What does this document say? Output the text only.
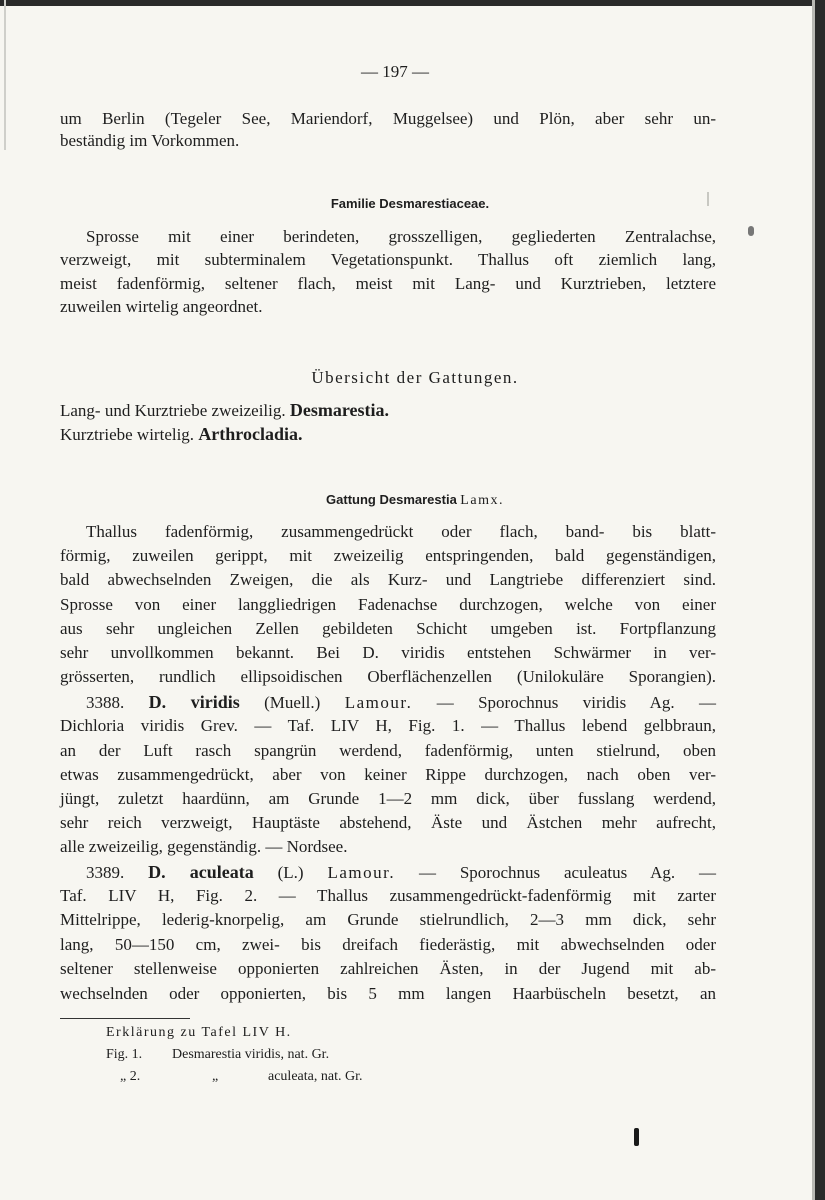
— 197 —
um Berlin (Tegeler See, Mariendorf, Muggelsee) und Plön, aber sehr un-
beständig im Vorkommen.
Familie Desmarestiaceae.
Sprosse mit einer berindeten, grosszelligen, gegliederten Zentralachse,
verzweigt, mit subterminalem Vegetationspunkt. Thallus oft ziemlich lang,
meist fadenförmig, seltener flach, meist mit Lang- und Kurztrieben, letztere
zuweilen wirtelig angeordnet.
Übersicht der Gattungen.
Lang- und Kurztriebe zweizeilig. Desmarestia.
Kurztriebe wirtelig. Arthrocladia.
Gattung Desmarestia Lamx.
Thallus fadenförmig, zusammengedrückt oder flach, band- bis blatt-
förmig, zuweilen gerippt, mit zweizeilig entspringenden, bald gegenständigen,
bald abwechselnden Zweigen, die als Kurz- und Langtriebe differenziert sind.
Sprosse von einer langgliedrigen Fadenachse durchzogen, welche von einer
aus sehr ungleichen Zellen gebildeten Schicht umgeben ist. Fortpflanzung
sehr unvollkommen bekannt. Bei D. viridis entstehen Schwärmer in ver-
grösserten, rundlich ellipsoidischen Oberflächenzellen (Unilokuläre Sporangien).
3388. D. viridis (Muell.) Lamour. — Sporochnus viridis Ag. —
Dichloria viridis Grev. — Taf. LIV H, Fig. 1. — Thallus lebend gelbbraun,
an der Luft rasch spangrün werdend, fadenförmig, unten stielrund, oben
etwas zusammengedrückt, aber von keiner Rippe durchzogen, nach oben ver-
jüngt, zuletzt haardünn, am Grunde 1—2 mm dick, über fusslang werdend,
sehr reich verzweigt, Hauptäste abstehend, Äste und Ästchen mehr aufrecht,
alle zweizeilig, gegenständig. — Nordsee.
3389. D. aculeata (L.) Lamour. — Sporochnus aculeatus Ag. —
Taf. LIV H, Fig. 2. — Thallus zusammengedrückt-fadenförmig mit zarter
Mittelrippe, lederig-knorpelig, am Grunde stielrundlich, 2—3 mm dick, sehr
lang, 50—150 cm, zwei- bis dreifach fiederästig, mit abwechselnden oder
seltener stellenweise opponierten zahlreichen Ästen, in der Jugend mit ab-
wechselnden oder opponierten, bis 5 mm langen Haarbüscheln besetzt, an
Erklärung zu Tafel LIV H.
Fig. 1. Desmarestia viridis, nat. Gr.
„ 2.	„	aculeata, nat. Gr.
